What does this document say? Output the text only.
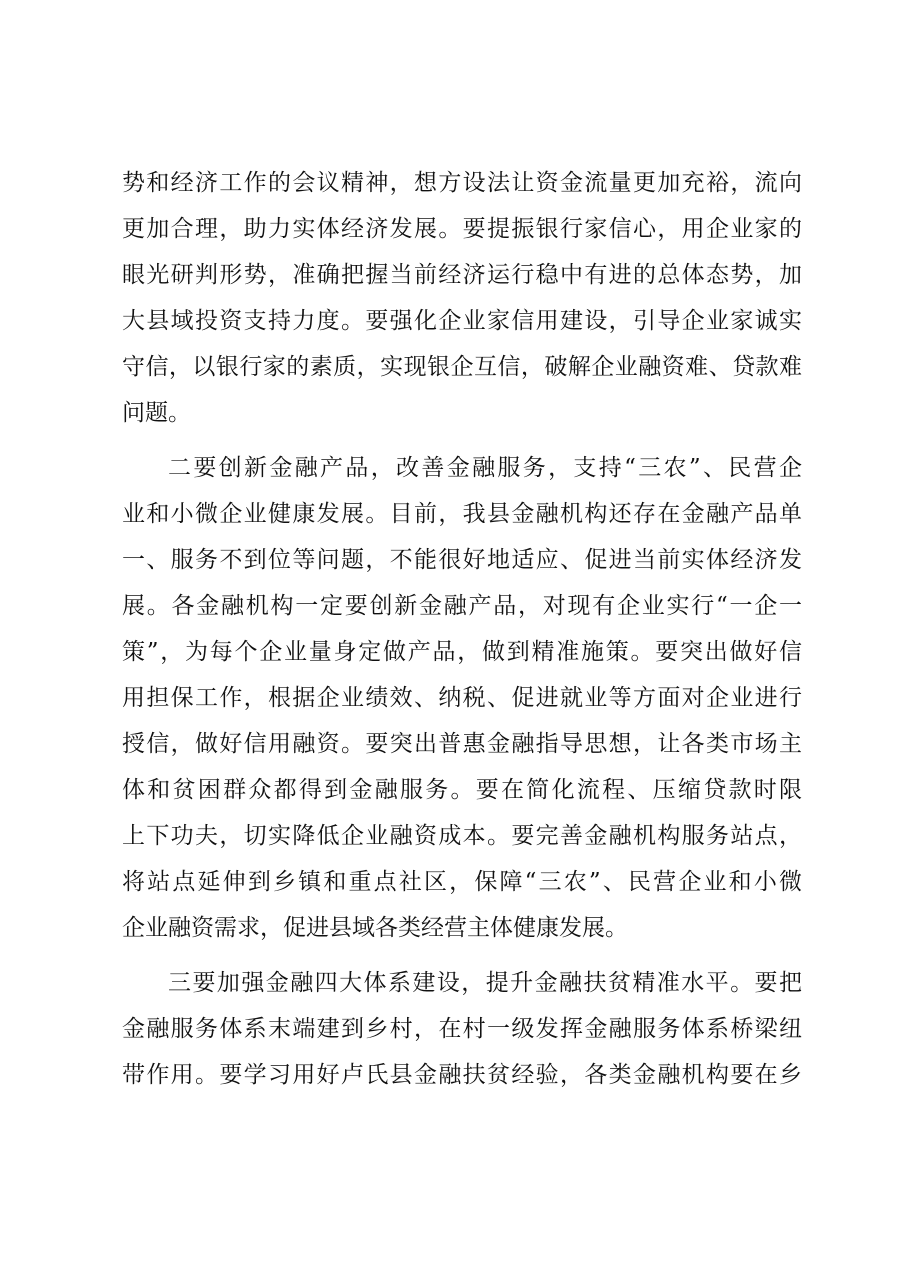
势和经济工作的会议精神，想方设法让资金流量更加充裕，流向
更加合理，助力实体经济发展。要提振银行家信心，用企业家的
眼光研判形势，准确把握当前经济运行稳中有进的总体态势，加
大县域投资支持力度。要强化企业家信用建设，引导企业家诚实
守信，以银行家的素质，实现银企互信，破解企业融资难、贷款难
问题。
二要创新金融产品，改善金融服务，支持“三农”、民营企
业和小微企业健康发展。目前，我县金融机构还存在金融产品单
一、服务不到位等问题，不能很好地适应、促进当前实体经济发
展。各金融机构一定要创新金融产品，对现有企业实行“一企一
策”，为每个企业量身定做产品，做到精准施策。要突出做好信
用担保工作，根据企业绩效、纳税、促进就业等方面对企业进行
授信，做好信用融资。要突出普惠金融指导思想，让各类市场主
体和贫困群众都得到金融服务。要在简化流程、压缩贷款时限
上下功夫，切实降低企业融资成本。要完善金融机构服务站点，
将站点延伸到乡镇和重点社区，保障“三农”、民营企业和小微
企业融资需求，促进县域各类经营主体健康发展。
三要加强金融四大体系建设，提升金融扶贫精准水平。要把
金融服务体系末端建到乡村，在村一级发挥金融服务体系桥梁纽
带作用。要学习用好卢氏县金融扶贫经验，各类金融机构要在乡
